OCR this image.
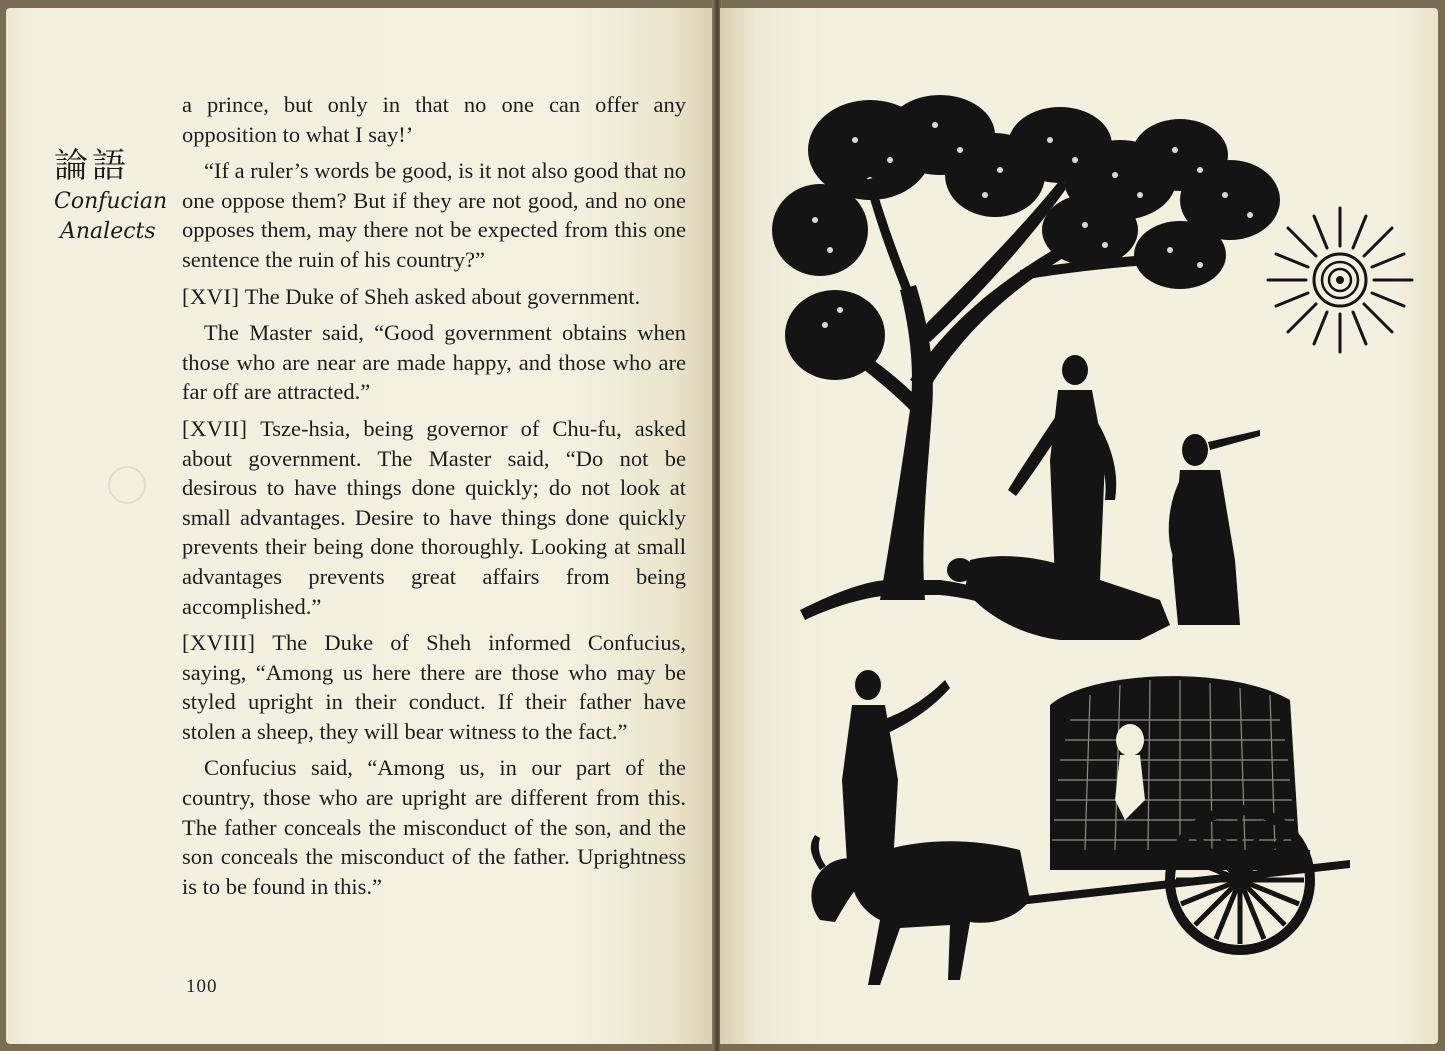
論語
Confucian
Analects

a prince, but only in that no one can offer any opposition to what I say!’

“If a ruler’s words be good, is it not also good that no one oppose them? But if they are not good, and no one opposes them, may there not be expected from this one sentence the ruin of his country?”

[XVI] The Duke of Sheh asked about government.

The Master said, “Good government obtains when those who are near are made happy, and those who are far off are attracted.”

[XVII] Tsze-hsia, being governor of Chu-fu, asked about government. The Master said, “Do not be desirous to have things done quickly; do not look at small advantages. Desire to have things done quickly prevents their being done thoroughly. Looking at small advantages prevents great affairs from being accomplished.”

[XVIII] The Duke of Sheh informed Confucius, saying, “Among us here there are those who may be styled upright in their conduct. If their father have stolen a sheep, they will bear witness to the fact.”

Confucius said, “Among us, in our part of the country, those who are upright are different from this. The father conceals the misconduct of the son, and the son conceals the misconduct of the father. Uprightness is to be found in this.”

100
